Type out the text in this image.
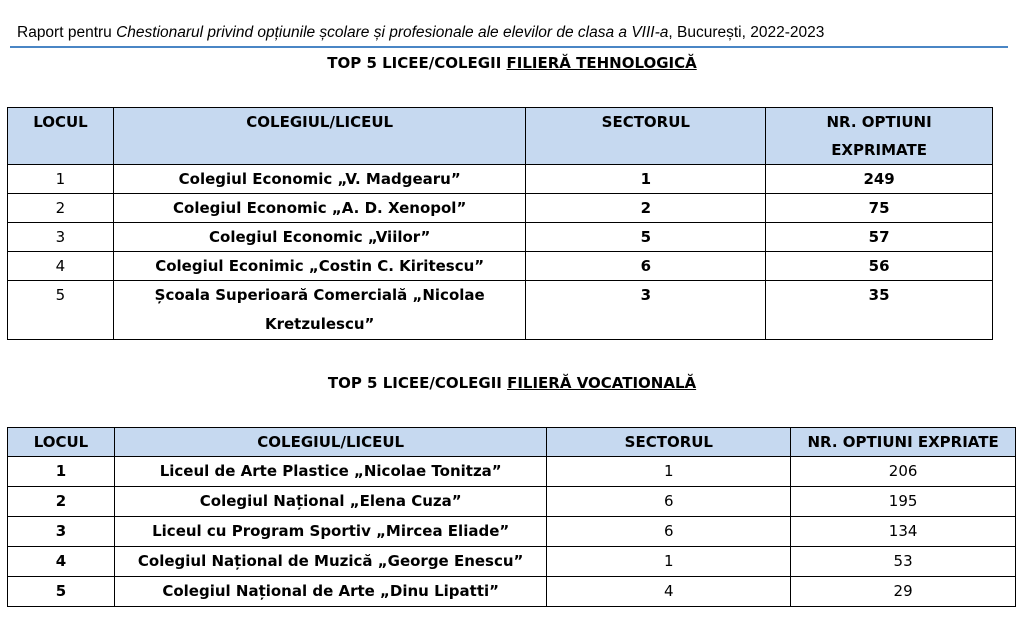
Raport pentru Chestionarul privind opțiunile școlare și profesionale ale elevilor de clasa a VIII-a, București, 2022-2023
TOP 5 LICEE/COLEGII FILIERĂ TEHNOLOGICĂ
LOCUL	COLEGIUL/LICEUL	SECTORUL	NR. OPTIUNI
EXPRIMATE
1	Colegiul Economic „V. Madgearu”	1	249
2	Colegiul Economic „A. D. Xenopol”	2	75
3	Colegiul Economic „Viilor”	5	57
4	Colegiul Econimic „Costin C. Kiritescu”	6	56
5	Școala Superioară Comercială „Nicolae
Kretzulescu”	3	35
TOP 5 LICEE/COLEGII FILIERĂ VOCATIONALĂ
LOCUL	COLEGIUL/LICEUL	SECTORUL	NR. OPTIUNI EXPRIATE
1	Liceul de Arte Plastice „Nicolae Tonitza”	1	206
2	Colegiul Național „Elena Cuza”	6	195
3	Liceul cu Program Sportiv „Mircea Eliade”	6	134
4	Colegiul Național de Muzică „George Enescu”	1	53
5	Colegiul Național de Arte „Dinu Lipatti”	4	29
